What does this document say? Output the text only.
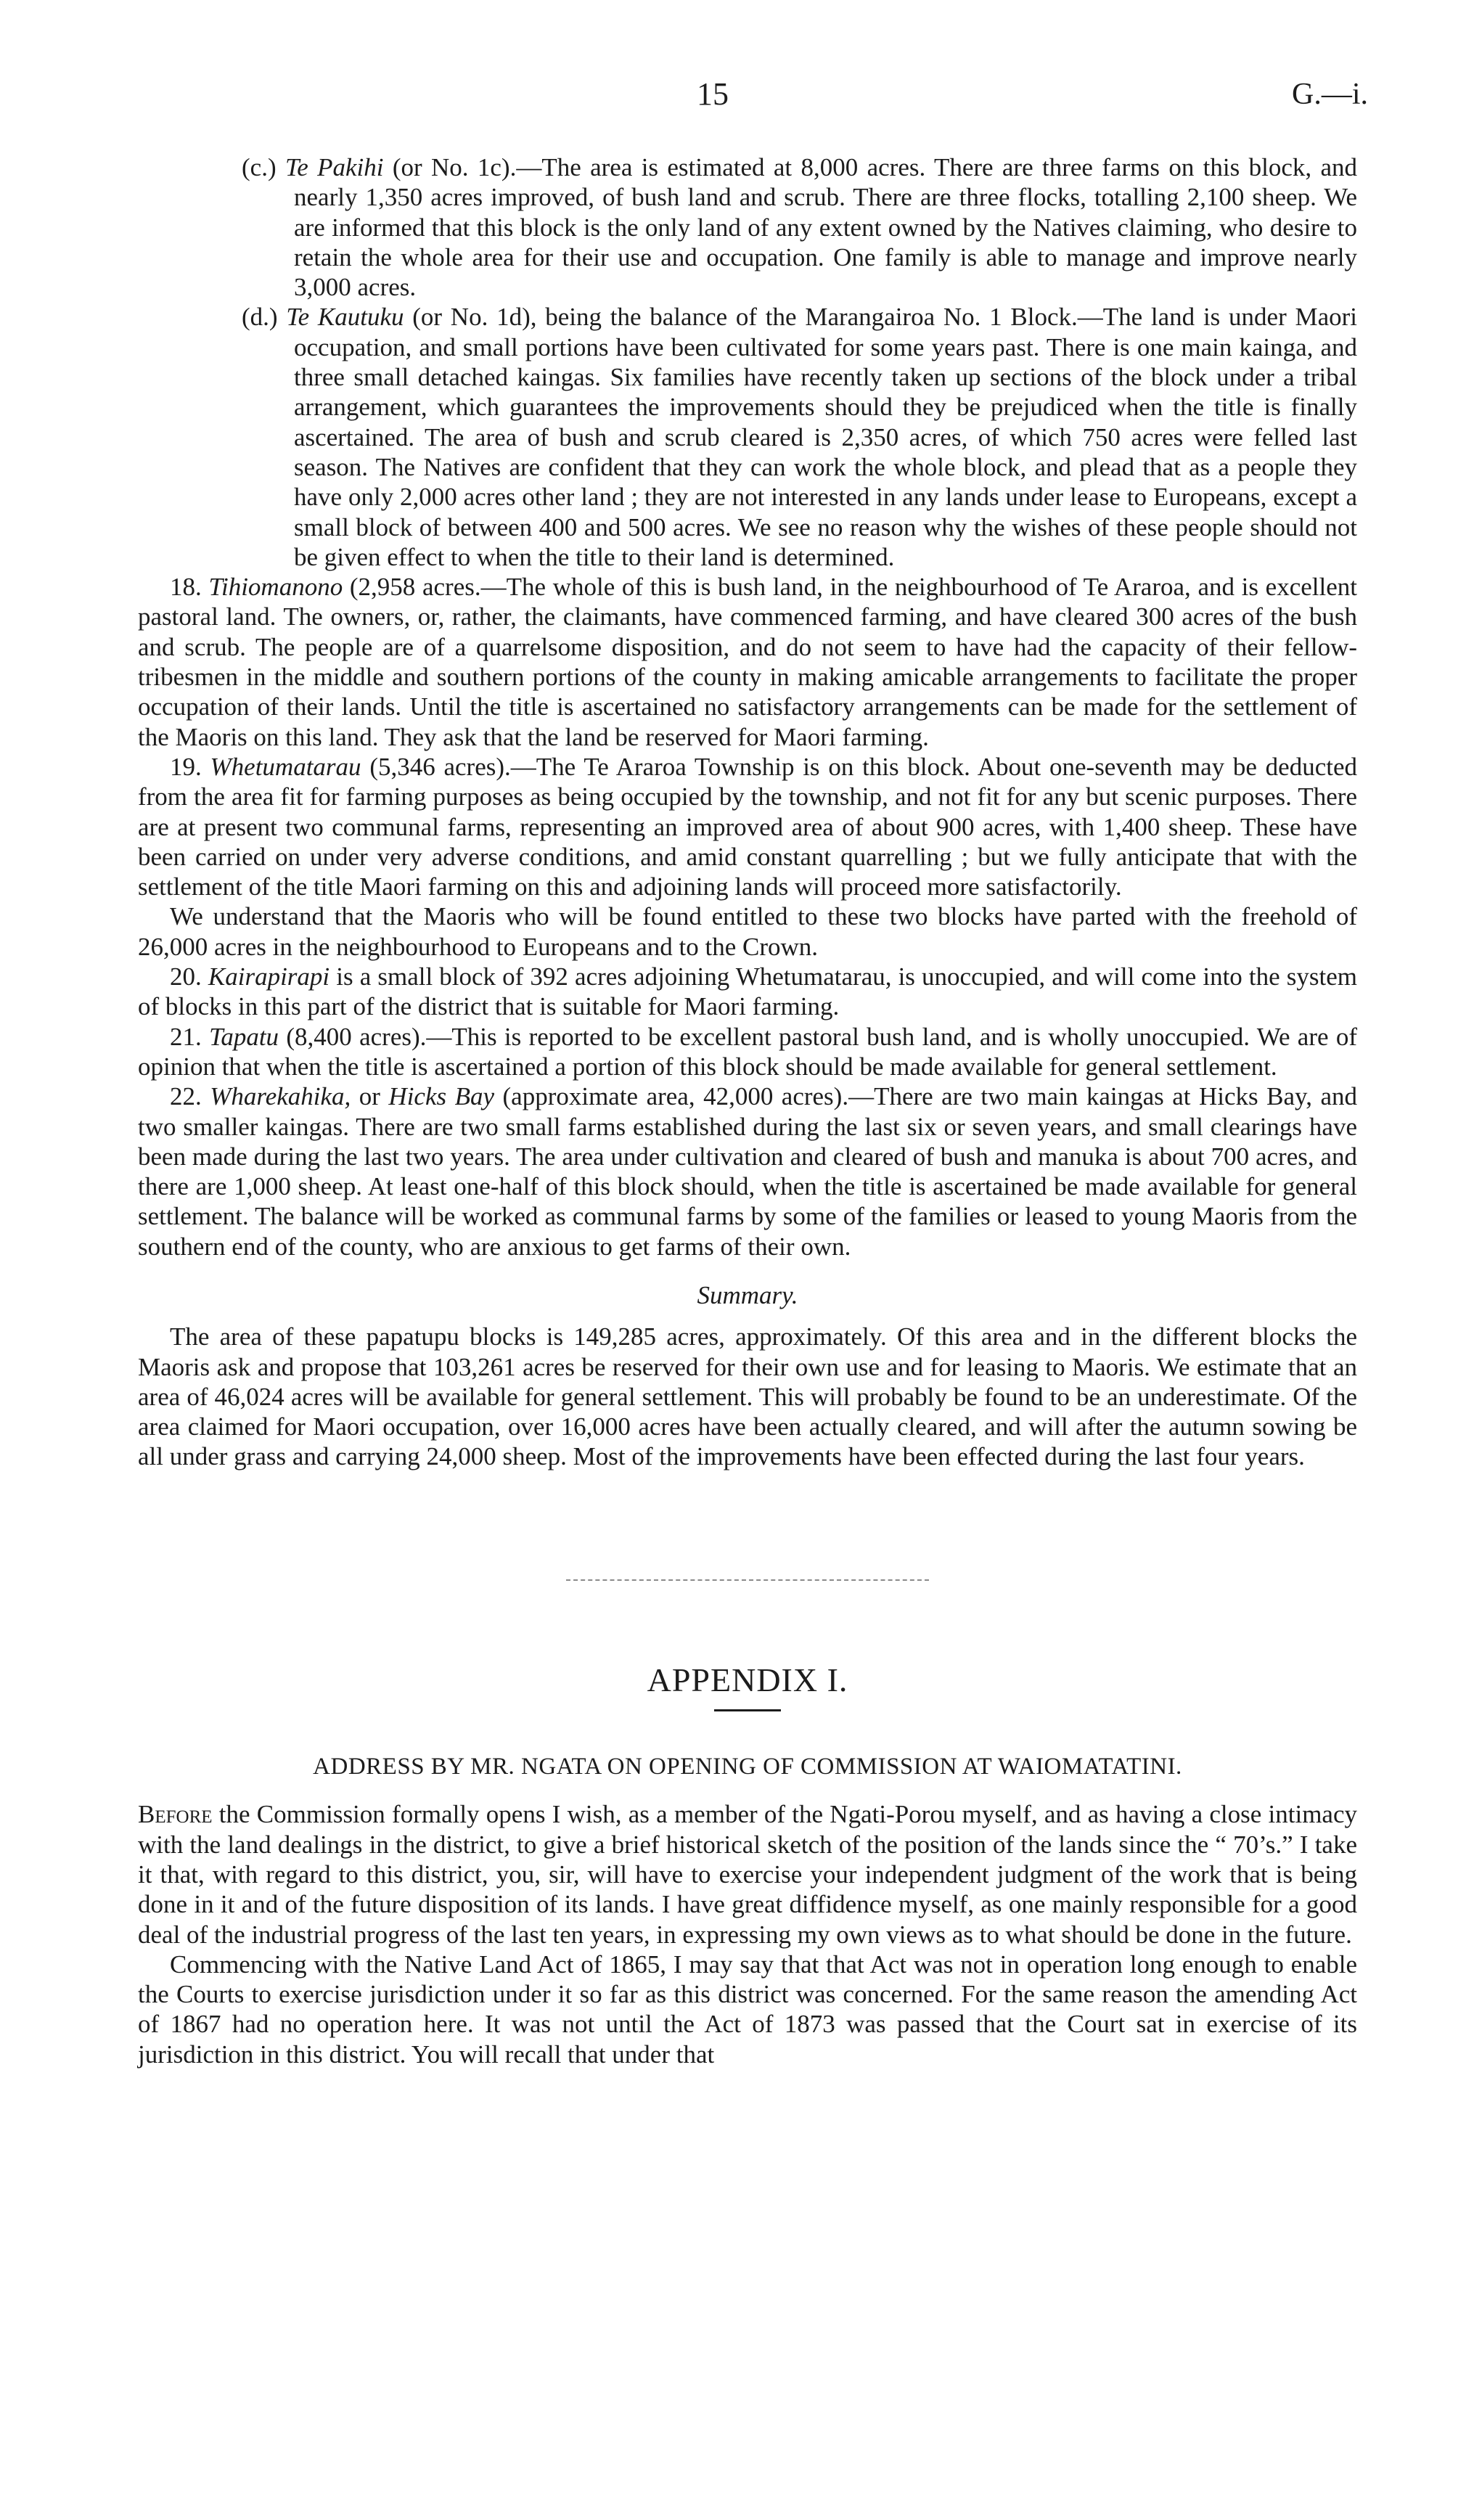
15	G.—i.

(c.) Te Pakihi (or No. 1c).—The area is estimated at 8,000 acres. There are three farms on this block, and nearly 1,350 acres improved, of bush land and scrub. There are three flocks, totalling 2,100 sheep. We are informed that this block is the only land of any extent owned by the Natives claiming, who desire to retain the whole area for their use and occupation. One family is able to manage and improve nearly 3,000 acres.

(d.) Te Kautuku (or No. 1d), being the balance of the Marangairoa No. 1 Block.—The land is under Maori occupation, and small portions have been cultivated for some years past. There is one main kainga, and three small detached kaingas. Six families have recently taken up sections of the block under a tribal arrangement, which guarantees the improvements should they be prejudiced when the title is finally ascertained. The area of bush and scrub cleared is 2,350 acres, of which 750 acres were felled last season. The Natives are confident that they can work the whole block, and plead that as a people they have only 2,000 acres other land ; they are not interested in any lands under lease to Europeans, except a small block of between 400 and 500 acres. We see no reason why the wishes of these people should not be given effect to when the title to their land is determined.

18. Tihiomanono (2,958 acres.—The whole of this is bush land, in the neighbourhood of Te Araroa, and is excellent pastoral land. The owners, or, rather, the claimants, have commenced farming, and have cleared 300 acres of the bush and scrub. The people are of a quarrelsome disposition, and do not seem to have had the capacity of their fellow-tribesmen in the middle and southern portions of the county in making amicable arrangements to facilitate the proper occupation of their lands. Until the title is ascertained no satisfactory arrangements can be made for the settlement of the Maoris on this land. They ask that the land be reserved for Maori farming.

19. Whetumatarau (5,346 acres).—The Te Araroa Township is on this block. About one-seventh may be deducted from the area fit for farming purposes as being occupied by the township, and not fit for any but scenic purposes. There are at present two communal farms, representing an improved area of about 900 acres, with 1,400 sheep. These have been carried on under very adverse conditions, and amid constant quarrelling ; but we fully anticipate that with the settlement of the title Maori farming on this and adjoining lands will proceed more satisfactorily.

We understand that the Maoris who will be found entitled to these two blocks have parted with the freehold of 26,000 acres in the neighbourhood to Europeans and to the Crown.

20. Kairapirapi is a small block of 392 acres adjoining Whetumatarau, is unoccupied, and will come into the system of blocks in this part of the district that is suitable for Maori farming.

21. Tapatu (8,400 acres).—This is reported to be excellent pastoral bush land, and is wholly unoccupied. We are of opinion that when the title is ascertained a portion of this block should be made available for general settlement.

22. Wharekahika, or Hicks Bay (approximate area, 42,000 acres).—There are two main kaingas at Hicks Bay, and two smaller kaingas. There are two small farms established during the last six or seven years, and small clearings have been made during the last two years. The area under cultivation and cleared of bush and manuka is about 700 acres, and there are 1,000 sheep. At least one-half of this block should, when the title is ascertained be made available for general settlement. The balance will be worked as communal farms by some of the families or leased to young Maoris from the southern end of the county, who are anxious to get farms of their own.

Summary.

The area of these papatupu blocks is 149,285 acres, approximately. Of this area and in the different blocks the Maoris ask and propose that 103,261 acres be reserved for their own use and for leasing to Maoris. We estimate that an area of 46,024 acres will be available for general settlement. This will probably be found to be an underestimate. Of the area claimed for Maori occupation, over 16,000 acres have been actually cleared, and will after the autumn sowing be all under grass and carrying 24,000 sheep. Most of the improvements have been effected during the last four years.

APPENDIX I.
ADDRESS BY MR. NGATA ON OPENING OF COMMISSION AT WAIOMATATINI.

Before the Commission formally opens I wish, as a member of the Ngati-Porou myself, and as having a close intimacy with the land dealings in the district, to give a brief historical sketch of the position of the lands since the “ 70’s.” I take it that, with regard to this district, you, sir, will have to exercise your independent judgment of the work that is being done in it and of the future disposition of its lands. I have great diffidence myself, as one mainly responsible for a good deal of the industrial progress of the last ten years, in expressing my own views as to what should be done in the future.

Commencing with the Native Land Act of 1865, I may say that that Act was not in operation long enough to enable the Courts to exercise jurisdiction under it so far as this district was concerned. For the same reason the amending Act of 1867 had no operation here. It was not until the Act of 1873 was passed that the Court sat in exercise of its jurisdiction in this district. You will recall that under that
